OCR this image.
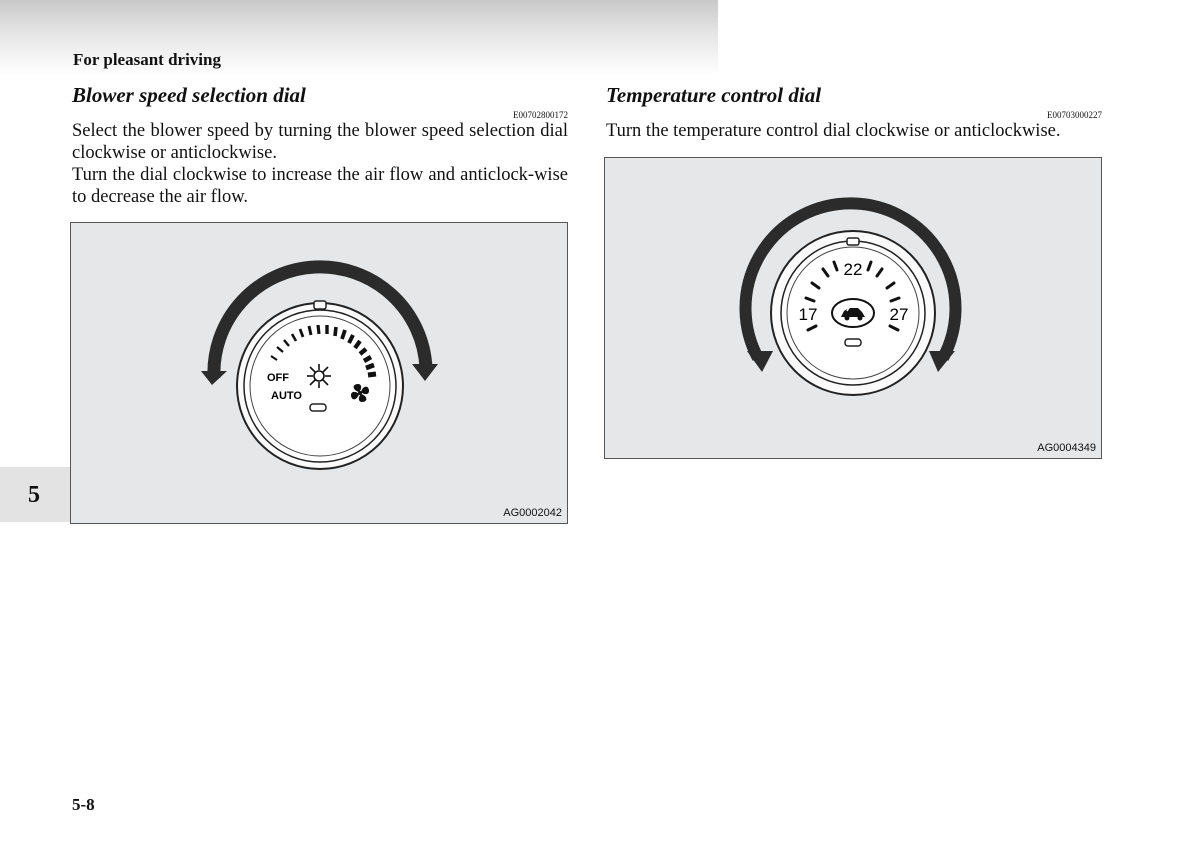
For pleasant driving
Blower speed selection dial
E00702800172

Select the blower speed by turning the blower speed selection dial clockwise or anticlockwise.

Turn the dial clockwise to increase the air flow and anticlock-wise to decrease the air flow.

Temperature control dial
E00703000227

Turn the temperature control dial clockwise or anticlockwise.

OFF
AUTO
AG0002042
22
17	27
AG0004349
5
5-8
